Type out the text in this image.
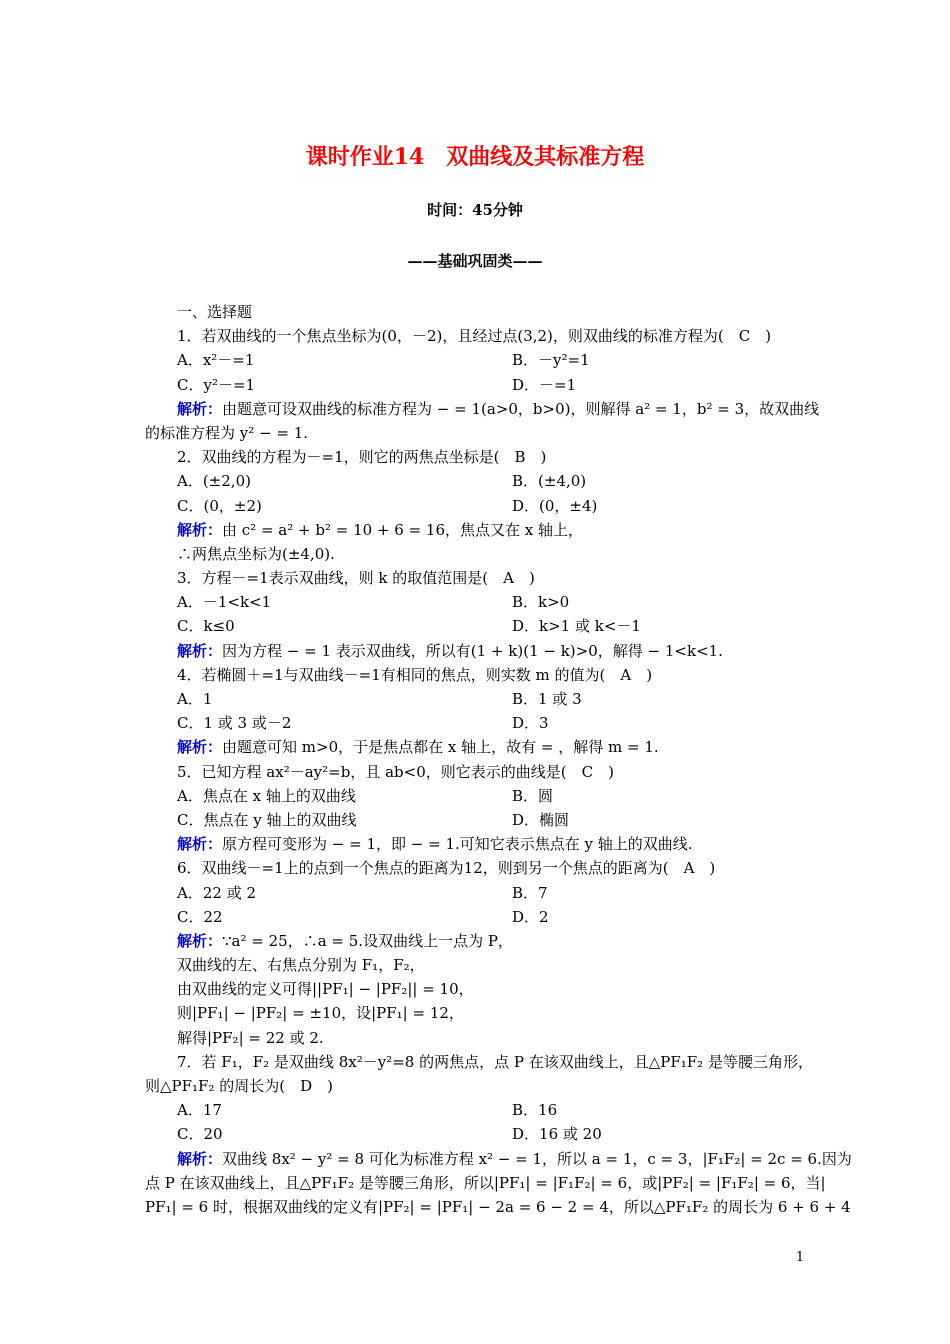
课时作业14　双曲线及其标准方程
时间：45分钟
——基础巩固类——
一、选择题
1．若双曲线的一个焦点坐标为(0，－2)，且经过点(3,2)，则双曲线的标准方程为(　C　)
A．x²－=1	B．－y²=1
C．y²－=1	D．－=1
解析：由题意可设双曲线的标准方程为 − = 1(a>0，b>0)，则解得 a² = 1，b² = 3，故双曲线
的标准方程为 y² − = 1.
2．双曲线的方程为－=1，则它的两焦点坐标是(　B　)
A．(±2,0)	B．(±4,0)
C．(0，±2)	D．(0，±4)
解析：由 c² = a² + b² = 10 + 6 = 16，焦点又在 x 轴上，
∴两焦点坐标为(±4,0).
3．方程－=1表示双曲线，则 k 的取值范围是(　A　)
A．－1<k<1	B．k>0
C．k≤0	D．k>1 或 k<－1
解析：因为方程 − = 1 表示双曲线，所以有(1 + k)(1 − k)>0，解得 − 1<k<1.
4．若椭圆＋=1与双曲线－=1有相同的焦点，则实数 m 的值为(　A　)
A．1	B．1 或 3
C．1 或 3 或－2	D．3
解析：由题意可知 m>0，于是焦点都在 x 轴上，故有 = ，解得 m = 1.
5．已知方程 ax²－ay²=b，且 ab<0，则它表示的曲线是(　C　)
A．焦点在 x 轴上的双曲线	B．圆
C．焦点在 y 轴上的双曲线	D．椭圆
解析：原方程可变形为 − = 1，即 − = 1.可知它表示焦点在 y 轴上的双曲线.
6．双曲线－=1上的点到一个焦点的距离为12，则到另一个焦点的距离为(　A　)
A．22 或 2	B．7
C．22	D．2
解析：∵a² = 25，∴a = 5.设双曲线上一点为 P，
双曲线的左、右焦点分别为 F₁，F₂，
由双曲线的定义可得||PF₁| − |PF₂|| = 10，
则|PF₁| − |PF₂| = ±10，设|PF₁| = 12，
解得|PF₂| = 22 或 2.
7．若 F₁，F₂ 是双曲线 8x²－y²=8 的两焦点，点 P 在该双曲线上，且△PF₁F₂ 是等腰三角形，
则△PF₁F₂ 的周长为(　D　)
A．17	B．16
C．20	D．16 或 20
解析：双曲线 8x² − y² = 8 可化为标准方程 x² − = 1，所以 a = 1，c = 3，|F₁F₂| = 2c = 6.因为
点 P 在该双曲线上，且△PF₁F₂ 是等腰三角形，所以|PF₁| = |F₁F₂| = 6，或|PF₂| = |F₁F₂| = 6，当|
PF₁| = 6 时，根据双曲线的定义有|PF₂| = |PF₁| − 2a = 6 − 2 = 4，所以△PF₁F₂ 的周长为 6 + 6 + 4
1
